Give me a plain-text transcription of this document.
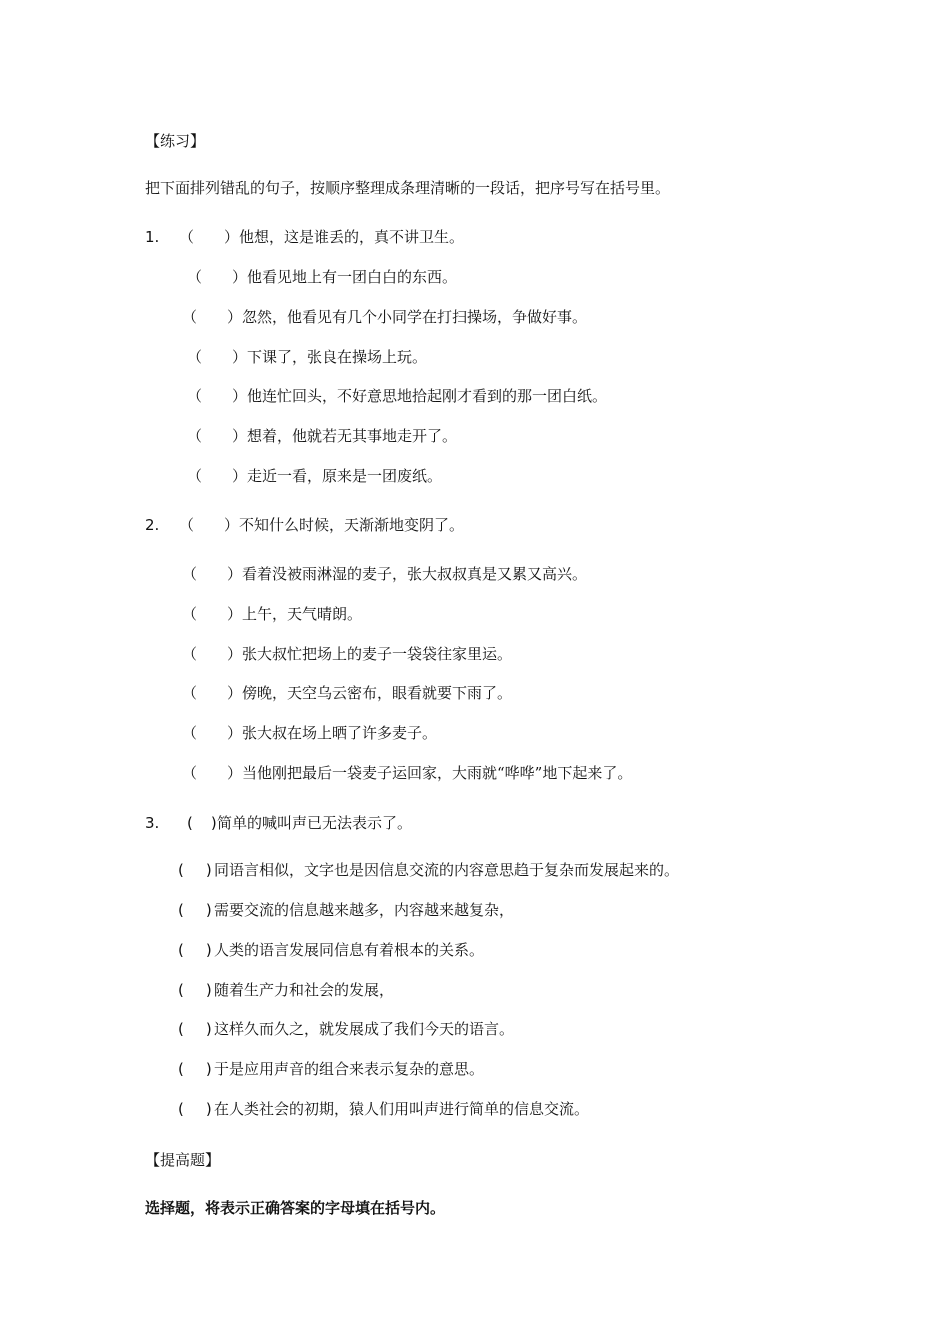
【练习】
把下面排列错乱的句子，按顺序整理成条理清晰的一段话，把序号写在括号里。
1. （　　）他想，这是谁丢的，真不讲卫生。
（　　）他看见地上有一团白白的东西。
（　　）忽然，他看见有几个小同学在打扫操场，争做好事。
（　　）下课了，张良在操场上玩。
（　　）他连忙回头，不好意思地拾起刚才看到的那一团白纸。
（　　）想着，他就若无其事地走开了。
（　　）走近一看，原来是一团废纸。
2. （　　）不知什么时候，天渐渐地变阴了。
（　　）看着没被雨淋湿的麦子，张大叔叔真是又累又高兴。
（　　）上午，天气晴朗。
（　　）张大叔忙把场上的麦子一袋袋往家里运。
（　　）傍晚，天空乌云密布，眼看就要下雨了。
（　　）张大叔在场上晒了许多麦子。
（　　）当他刚把最后一袋麦子运回家，大雨就“哗哗”地下起来了。
3. ( )简单的喊叫声已无法表示了。
( ) 同语言相似，文字也是因信息交流的内容意思趋于复杂而发展起来的。
( ) 需要交流的信息越来越多，内容越来越复杂，
( ) 人类的语言发展同信息有着根本的关系。
( ) 随着生产力和社会的发展，
( ) 这样久而久之，就发展成了我们今天的语言。
( ) 于是应用声音的组合来表示复杂的意思。
( ) 在人类社会的初期，猿人们用叫声进行简单的信息交流。
【提高题】
选择题，将表示正确答案的字母填在括号内。
